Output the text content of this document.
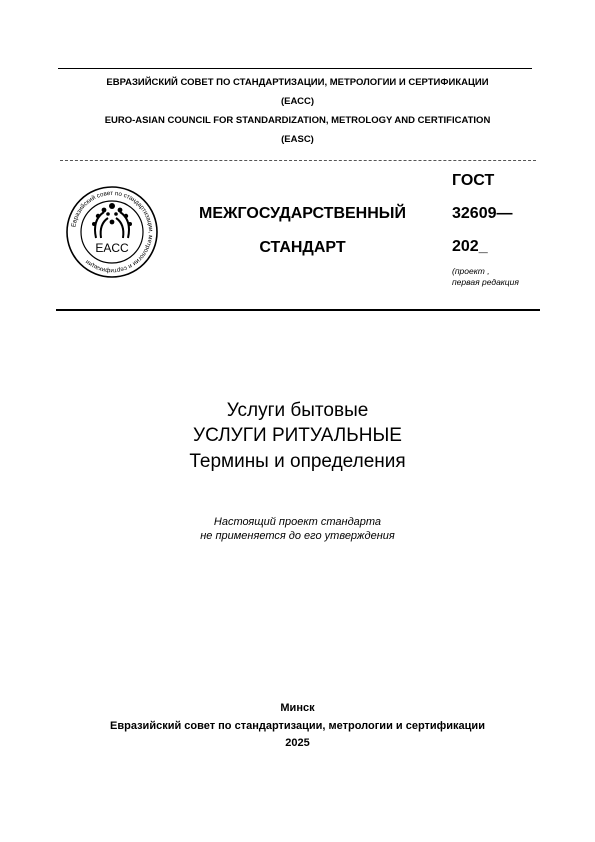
ЕВРАЗИЙСКИЙ СОВЕТ ПО СТАНДАРТИЗАЦИИ, МЕТРОЛОГИИ И СЕРТИФИКАЦИИ
(ЕАСС)
EURO-ASIAN COUNCIL FOR STANDARDIZATION, METROLOGY AND CERTIFICATION
(EASC)
Евразийский совет по стандартизации, метрологии и сертификации
EACC
МЕЖГОСУДАРСТВЕННЫЙ
СТАНДАРТ
ГОСТ
32609—
202_
(проект ,
первая редакция
Услуги бытовые
УСЛУГИ РИТУАЛЬНЫЕ
Термины и определения
Настоящий проект стандарта
не применяется до его утверждения
Минск
Евразийский совет по стандартизации, метрологии и сертификации
2025
